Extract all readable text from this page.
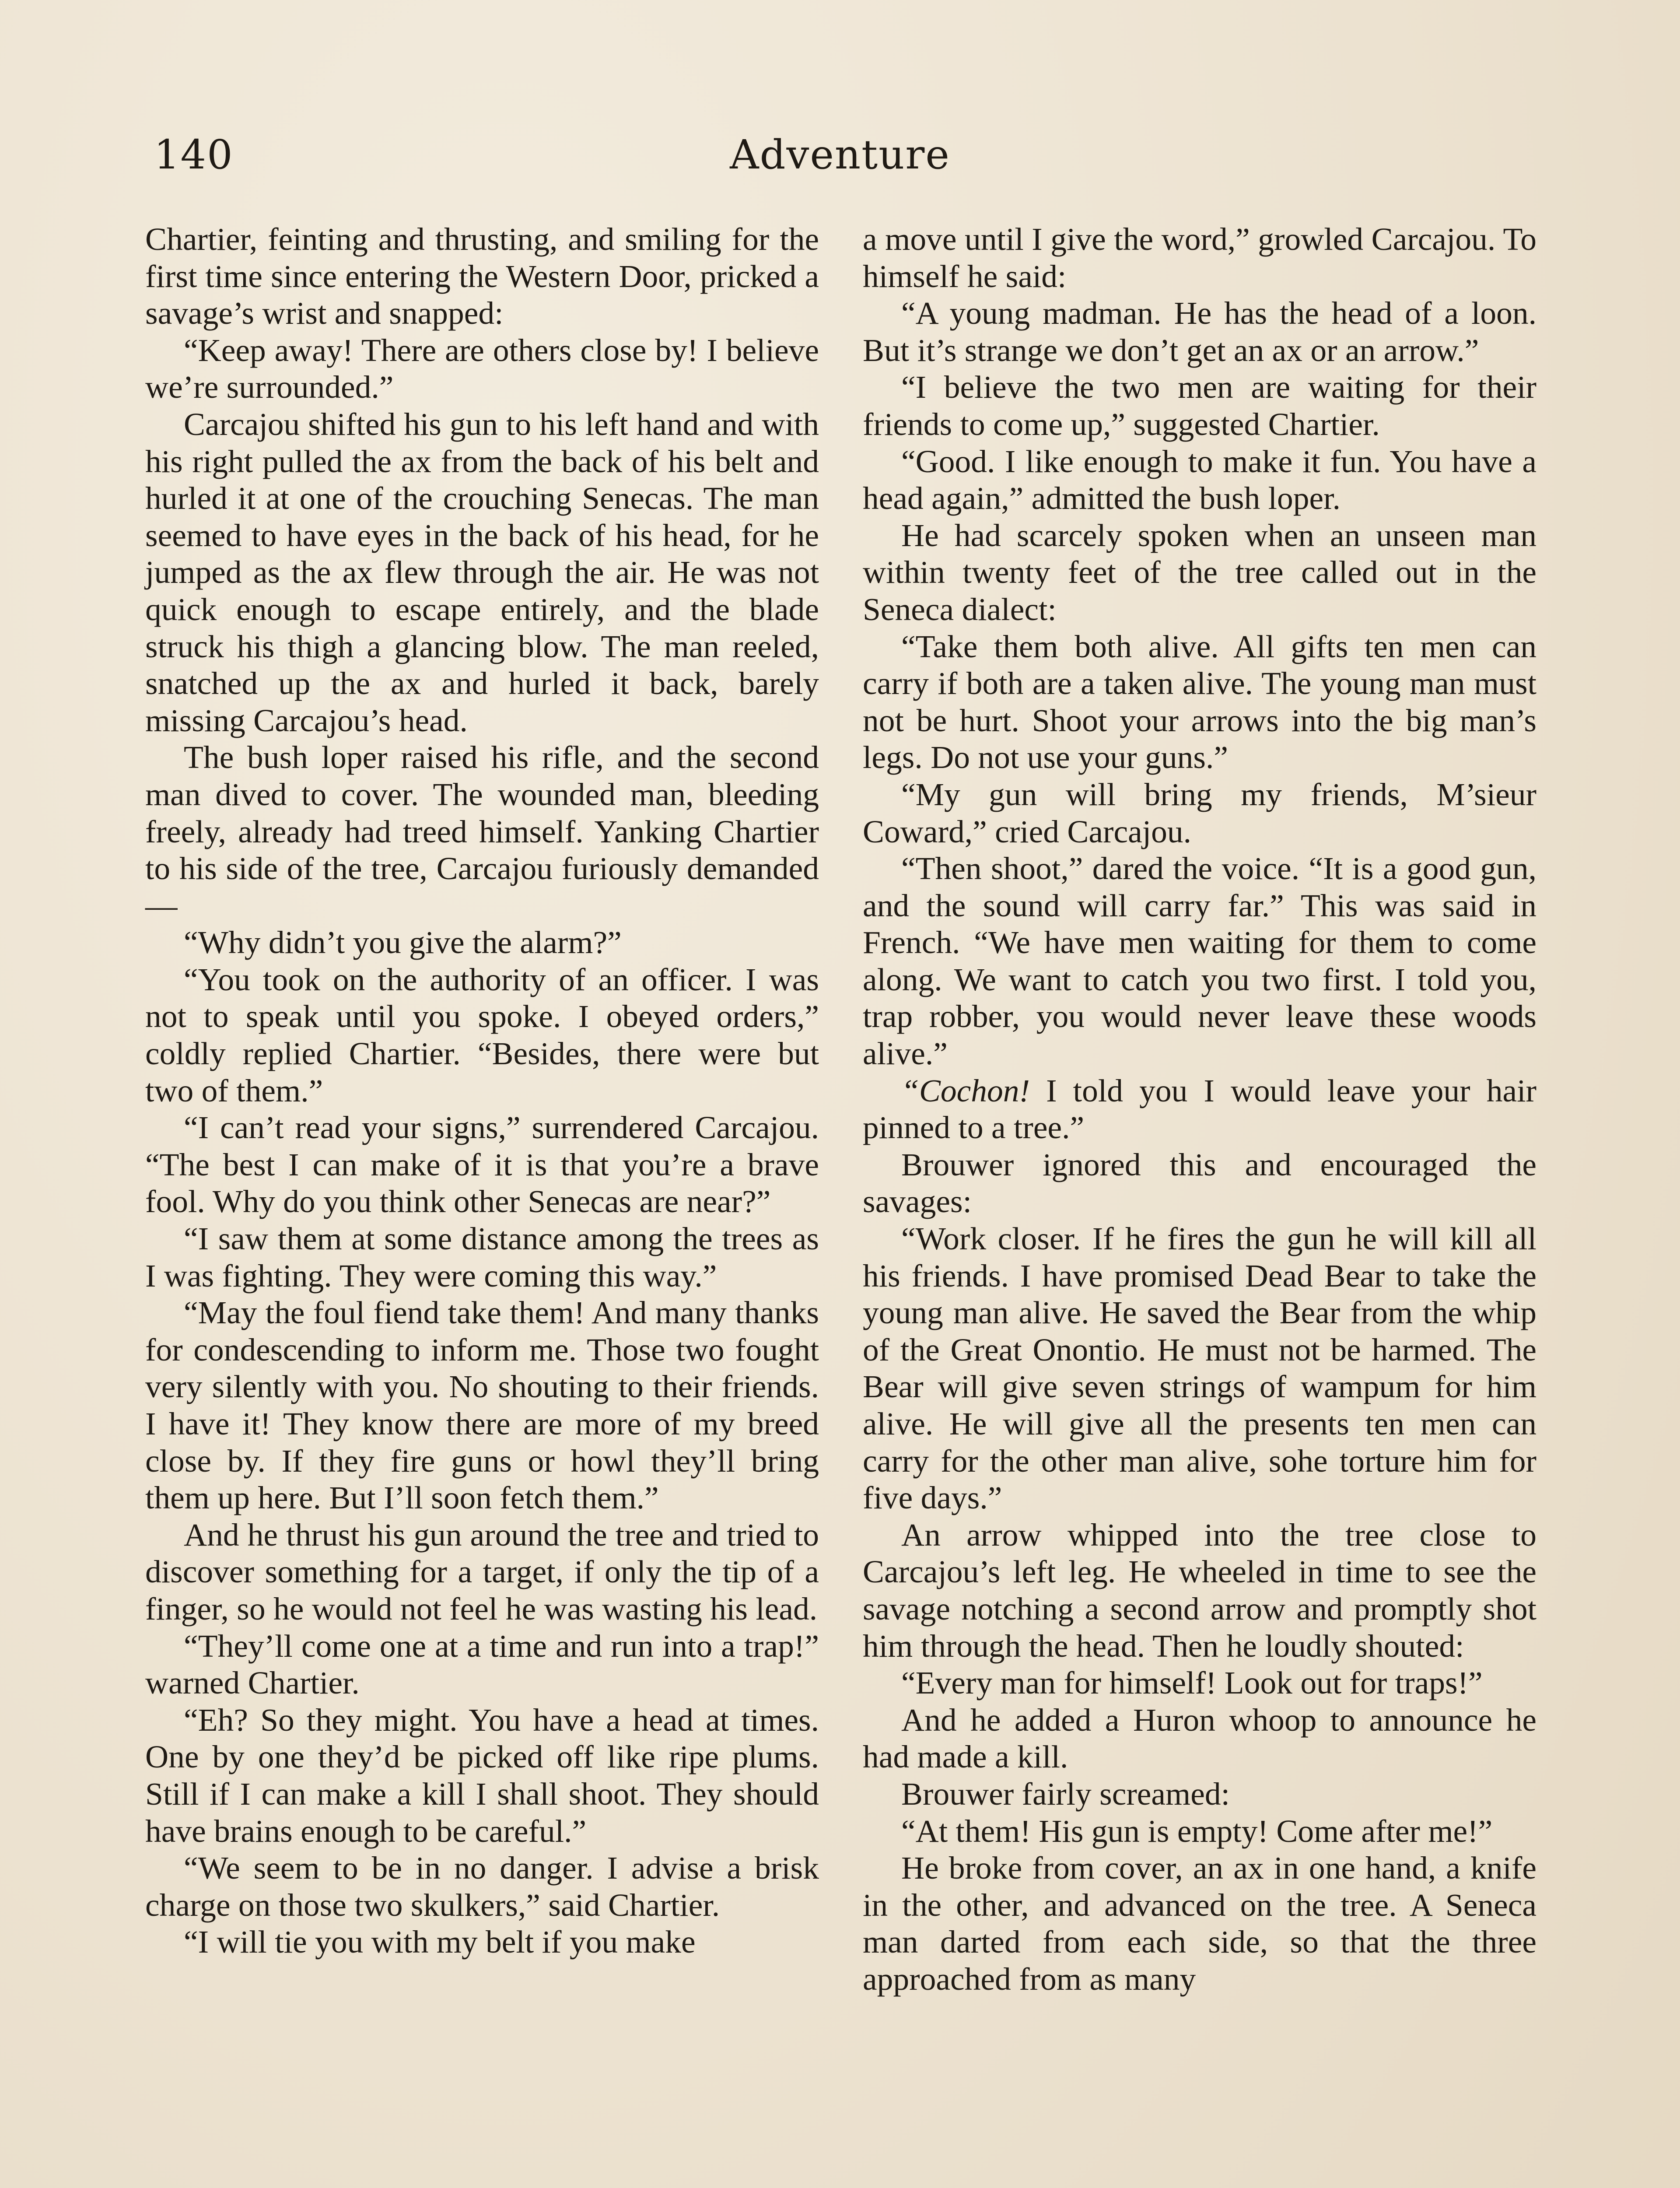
140	Adventure

Chartier, feinting and thrusting, and smiling for the first time since entering the Western Door, pricked a savage’s wrist and snapped:

“Keep away! There are others close by! I believe we’re surrounded.”

Carcajou shifted his gun to his left hand and with his right pulled the ax from the back of his belt and hurled it at one of the crouching Senecas. The man seemed to have eyes in the back of his head, for he jumped as the ax flew through the air. He was not quick enough to escape entirely, and the blade struck his thigh a glancing blow. The man reeled, snatched up the ax and hurled it back, barely missing Carcajou’s head.

The bush loper raised his rifle, and the second man dived to cover. The wounded man, bleeding freely, already had treed himself. Yanking Chartier to his side of the tree, Carcajou furiously demanded—

“Why didn’t you give the alarm?”

“You took on the authority of an officer. I was not to speak until you spoke. I obeyed orders,” coldly replied Chartier. “Besides, there were but two of them.”

“I can’t read your signs,” surrendered Carcajou. “The best I can make of it is that you’re a brave fool. Why do you think other Senecas are near?”

“I saw them at some distance among the trees as I was fighting. They were coming this way.”

“May the foul fiend take them! And many thanks for condescending to inform me. Those two fought very silently with you. No shouting to their friends. I have it! They know there are more of my breed close by. If they fire guns or howl they’ll bring them up here. But I’ll soon fetch them.”

And he thrust his gun around the tree and tried to discover something for a target, if only the tip of a finger, so he would not feel he was wasting his lead.

“They’ll come one at a time and run into a trap!” warned Chartier.

“Eh? So they might. You have a head at times. One by one they’d be picked off like ripe plums. Still if I can make a kill I shall shoot. They should have brains enough to be careful.”

“We seem to be in no danger. I advise a brisk charge on those two skulkers,” said Chartier.

“I will tie you with my belt if you make

a move until I give the word,” growled Carcajou. To himself he said:

“A young madman. He has the head of a loon. But it’s strange we don’t get an ax or an arrow.”

“I believe the two men are waiting for their friends to come up,” suggested Chartier.

“Good. I like enough to make it fun. You have a head again,” admitted the bush loper.

He had scarcely spoken when an unseen man within twenty feet of the tree called out in the Seneca dialect:

“Take them both alive. All gifts ten men can carry if both are a taken alive. The young man must not be hurt. Shoot your arrows into the big man’s legs. Do not use your guns.”

“My gun will bring my friends, M’sieur Coward,” cried Carcajou.

“Then shoot,” dared the voice. “It is a good gun, and the sound will carry far.” This was said in French. “We have men waiting for them to come along. We want to catch you two first. I told you, trap robber, you would never leave these woods alive.”

“Cochon! I told you I would leave your hair pinned to a tree.”

Brouwer ignored this and encouraged the savages:

“Work closer. If he fires the gun he will kill all his friends. I have promised Dead Bear to take the young man alive. He saved the Bear from the whip of the Great Onontio. He must not be harmed. The Bear will give seven strings of wampum for him alive. He will give all the presents ten men can carry for the other man alive, sohe torture him for five days.”

An arrow whipped into the tree close to Carcajou’s left leg. He wheeled in time to see the savage notching a second arrow and promptly shot him through the head. Then he loudly shouted:

“Every man for himself! Look out for traps!”

And he added a Huron whoop to announce he had made a kill.

Brouwer fairly screamed:

“At them! His gun is empty! Come after me!”

He broke from cover, an ax in one hand, a knife in the other, and advanced on the tree. A Seneca man darted from each side, so that the three approached from as many
